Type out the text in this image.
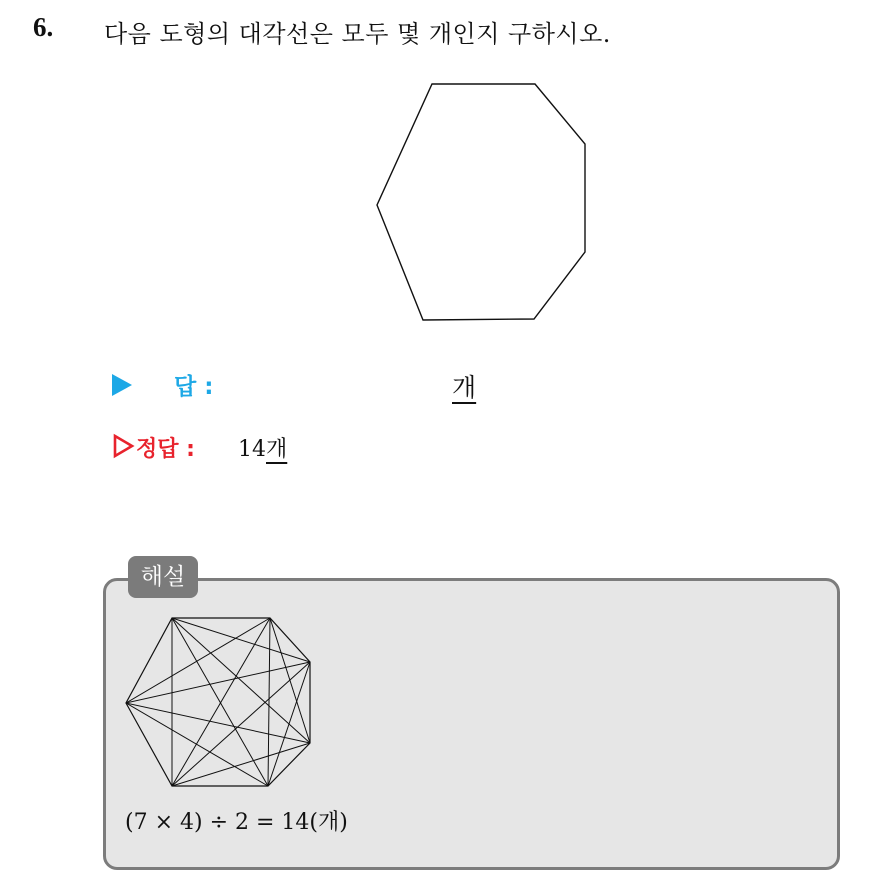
6. 다음 도형의 대각선은 모두 몇 개인지 구하시오.
답 :	개
정답 : 14개
해설
(7 × 4) ÷ 2 = 14(개)
